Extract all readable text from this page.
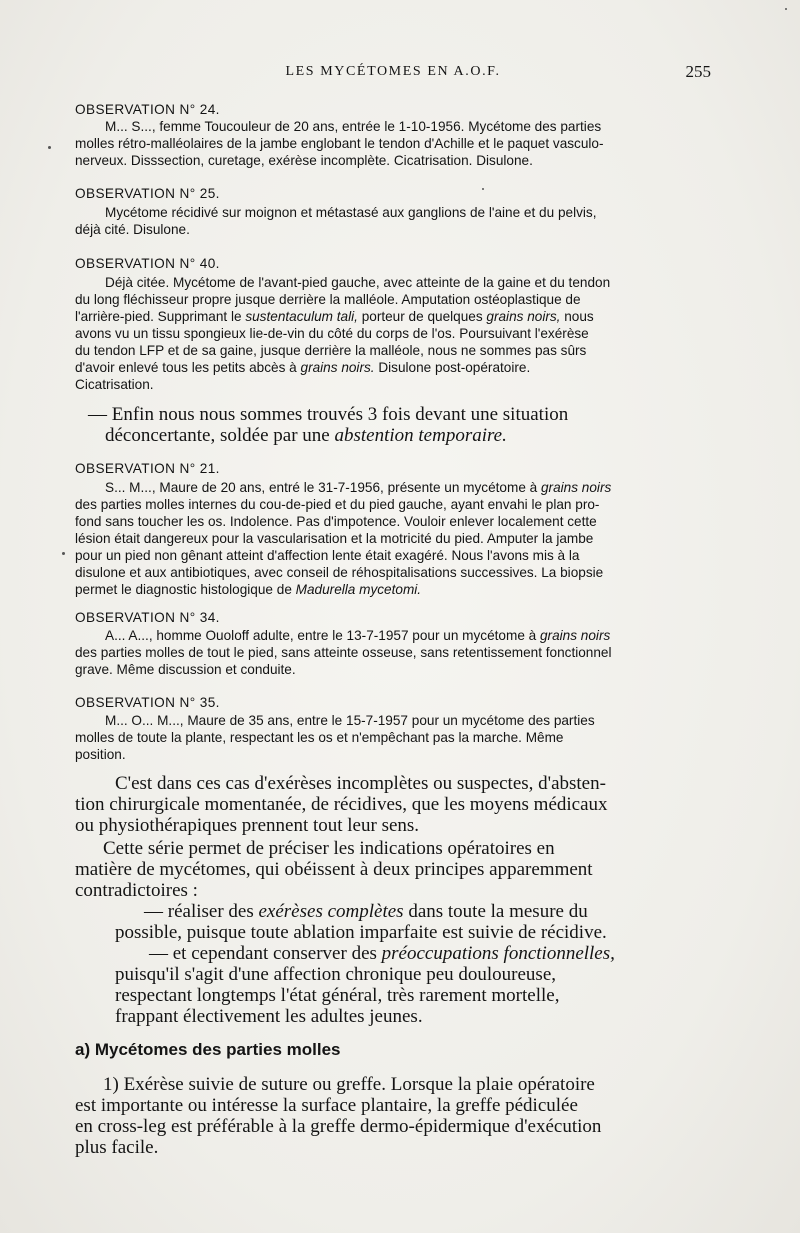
LES MYCÉTOMES EN A.O.F.	255
OBSERVATION N° 24.
M... S..., femme Toucouleur de 20 ans, entrée le 1-10-1956. Mycétome des parties
molles rétro-malléolaires de la jambe englobant le tendon d'Achille et le paquet vasculo-
nerveux. Disssection, curetage, exérèse incomplète. Cicatrisation. Disulone.
OBSERVATION N° 25.
Mycétome récidivé sur moignon et métastasé aux ganglions de l'aine et du pelvis,
déjà cité. Disulone.
OBSERVATION N° 40.
Déjà citée. Mycétome de l'avant-pied gauche, avec atteinte de la gaine et du tendon
du long fléchisseur propre jusque derrière la malléole. Amputation ostéoplastique de
l'arrière-pied. Supprimant le sustentaculum tali, porteur de quelques grains noirs, nous
avons vu un tissu spongieux lie-de-vin du côté du corps de l'os. Poursuivant l'exérèse
du tendon LFP et de sa gaine, jusque derrière la malléole, nous ne sommes pas sûrs
d'avoir enlevé tous les petits abcès à grains noirs. Disulone post-opératoire.
Cicatrisation.
— Enfin nous nous sommes trouvés 3 fois devant une situation
déconcertante, soldée par une abstention temporaire.
OBSERVATION N° 21.
S... M..., Maure de 20 ans, entré le 31-7-1956, présente un mycétome à grains noirs
des parties molles internes du cou-de-pied et du pied gauche, ayant envahi le plan pro-
fond sans toucher les os. Indolence. Pas d'impotence. Vouloir enlever localement cette
lésion était dangereux pour la vascularisation et la motricité du pied. Amputer la jambe
pour un pied non gênant atteint d'affection lente était exagéré. Nous l'avons mis à la
disulone et aux antibiotiques, avec conseil de réhospitalisations successives. La biopsie
permet le diagnostic histologique de Madurella mycetomi.
OBSERVATION N° 34.
A... A..., homme Ouoloff adulte, entre le 13-7-1957 pour un mycétome à grains noirs
des parties molles de tout le pied, sans atteinte osseuse, sans retentissement fonctionnel
grave. Même discussion et conduite.
OBSERVATION N° 35.
M... O... M..., Maure de 35 ans, entre le 15-7-1957 pour un mycétome des parties
molles de toute la plante, respectant les os et n'empêchant pas la marche. Même
position.
C'est dans ces cas d'exérèses incomplètes ou suspectes, d'absten-
tion chirurgicale momentanée, de récidives, que les moyens médicaux
ou physiothérapiques prennent tout leur sens.
Cette série permet de préciser les indications opératoires en
matière de mycétomes, qui obéissent à deux principes apparemment
contradictoires :
— réaliser des exérèses complètes dans toute la mesure du
possible, puisque toute ablation imparfaite est suivie de récidive.
— et cependant conserver des préoccupations fonctionnelles,
puisqu'il s'agit d'une affection chronique peu douloureuse,
respectant longtemps l'état général, très rarement mortelle,
frappant électivement les adultes jeunes.
a) Mycétomes des parties molles
1) Exérèse suivie de suture ou greffe. Lorsque la plaie opératoire
est importante ou intéresse la surface plantaire, la greffe pédiculée
en cross-leg est préférable à la greffe dermo-épidermique d'exécution
plus facile.
